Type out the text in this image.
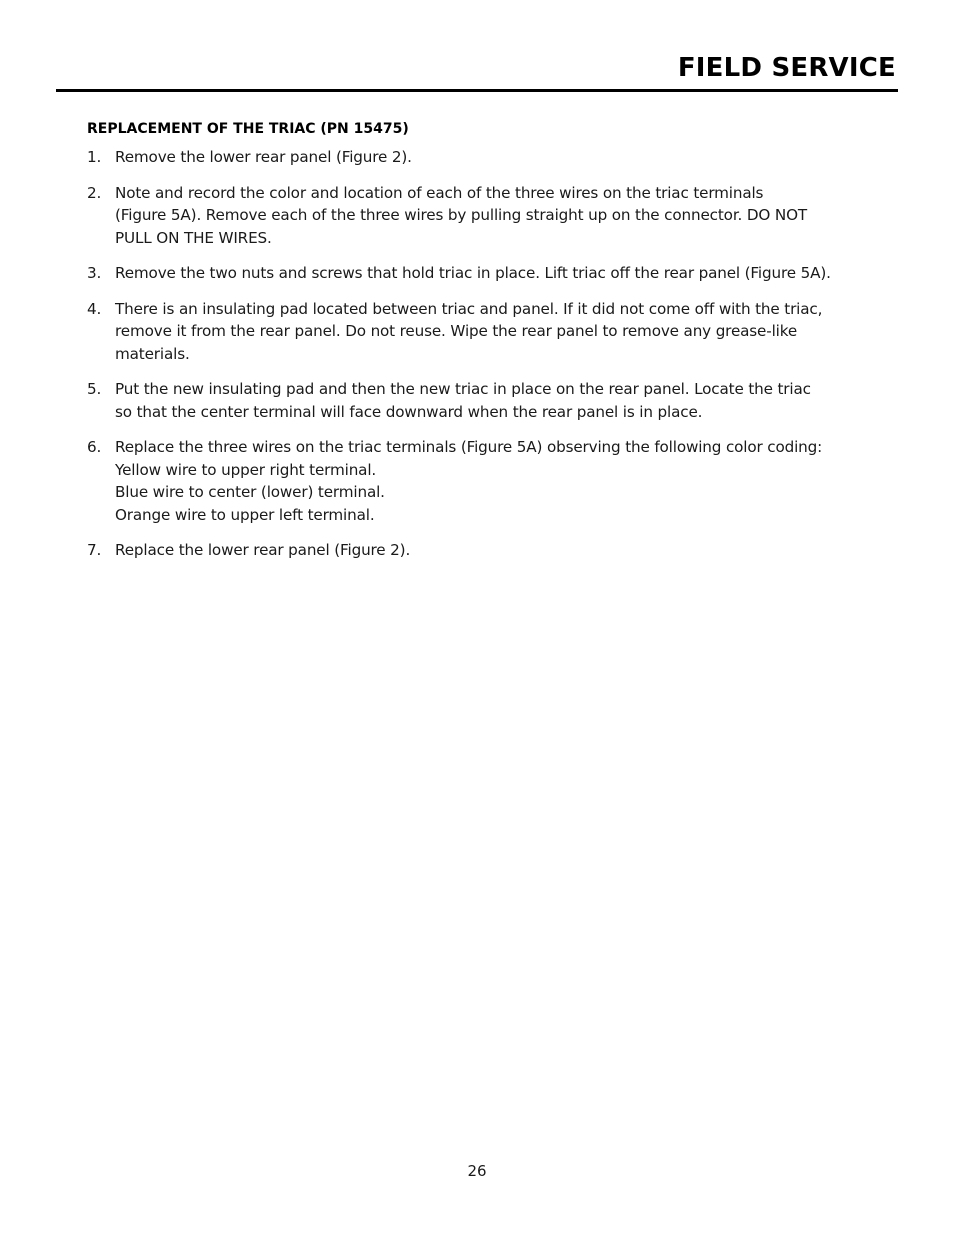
FIELD SERVICE
REPLACEMENT OF THE TRIAC (PN 15475)
1. Remove the lower rear panel (Figure 2).
2. Note and record the color and location of each of the three wires on the triac terminals
(Figure 5A). Remove each of the three wires by pulling straight up on the connector. DO NOT
PULL ON THE WIRES.
3. Remove the two nuts and screws that hold triac in place. Lift triac off the rear panel (Figure 5A).
4. There is an insulating pad located between triac and panel. If it did not come off with the triac,
remove it from the rear panel. Do not reuse. Wipe the rear panel to remove any grease-like
materials.
5. Put the new insulating pad and then the new triac in place on the rear panel. Locate the triac
so that the center terminal will face downward when the rear panel is in place.
6. Replace the three wires on the triac terminals (Figure 5A) observing the following color coding:
Yellow wire to upper right terminal.
Blue wire to center (lower) terminal.
Orange wire to upper left terminal.
7. Replace the lower rear panel (Figure 2).
26
